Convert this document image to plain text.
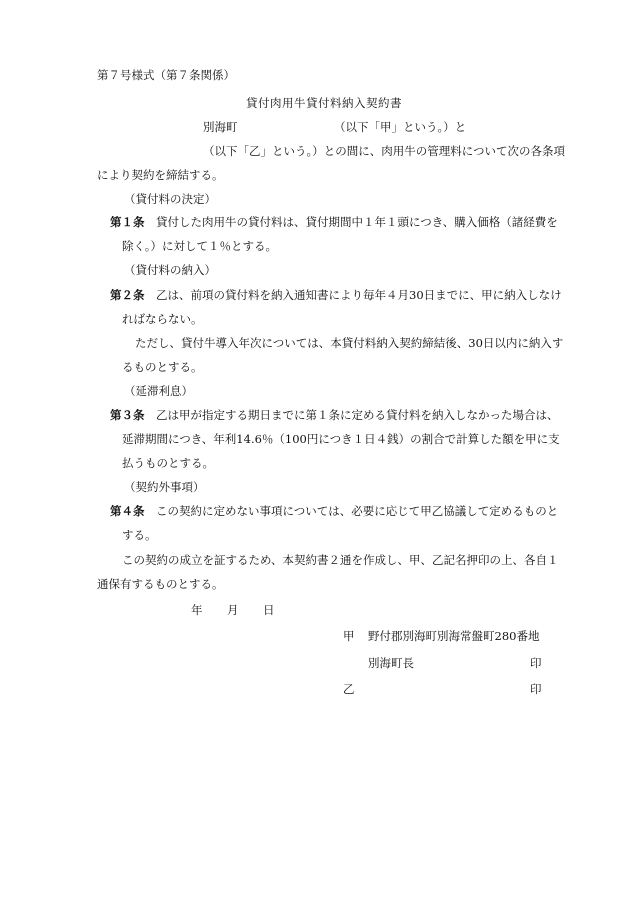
第７号様式（第７条関係）
貸付肉用牛貸付料納入契約書
別海町	（以下「甲」という。）と
（以下「乙」という。）との間に、肉用牛の管理料について次の各条項
により契約を締結する。
（貸付料の決定）
第１条 貸付した肉用牛の貸付料は、貸付期間中１年１頭につき、購入価格（諸経費を
除く。）に対して１％とする。
（貸付料の納入）
第２条 乙は、前項の貸付料を納入通知書により毎年４月30日までに、甲に納入しなけ
ればならない。
ただし、貸付牛導入年次については、本貸付料納入契約締結後、30日以内に納入す
るものとする。
（延滞利息）
第３条 乙は甲が指定する期日までに第１条に定める貸付料を納入しなかった場合は、
延滞期間につき、年利14.6％（100円につき１日４銭）の割合で計算した額を甲に支
払うものとする。
（契約外事項）
第４条 この契約に定めない事項については、必要に応じて甲乙協議して定めるものと
する。
この契約の成立を証するため、本契約書２通を作成し、甲、乙記名押印の上、各自１
通保有するものとする。
年 月 日
甲 野付郡別海町別海常盤町280番地
別海町長	印
乙	印
